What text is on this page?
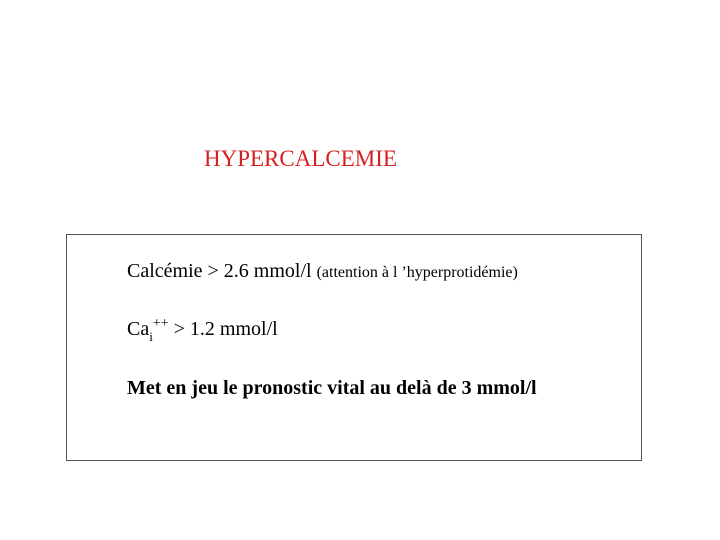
HYPERCALCEMIE
Calcémie > 2.6 mmol/l (attention à l ’hyperprotidémie)
$Ca_i^{++} > 1.2$ mmol/l
Met en jeu le pronostic vital au delà de 3 mmol/l
